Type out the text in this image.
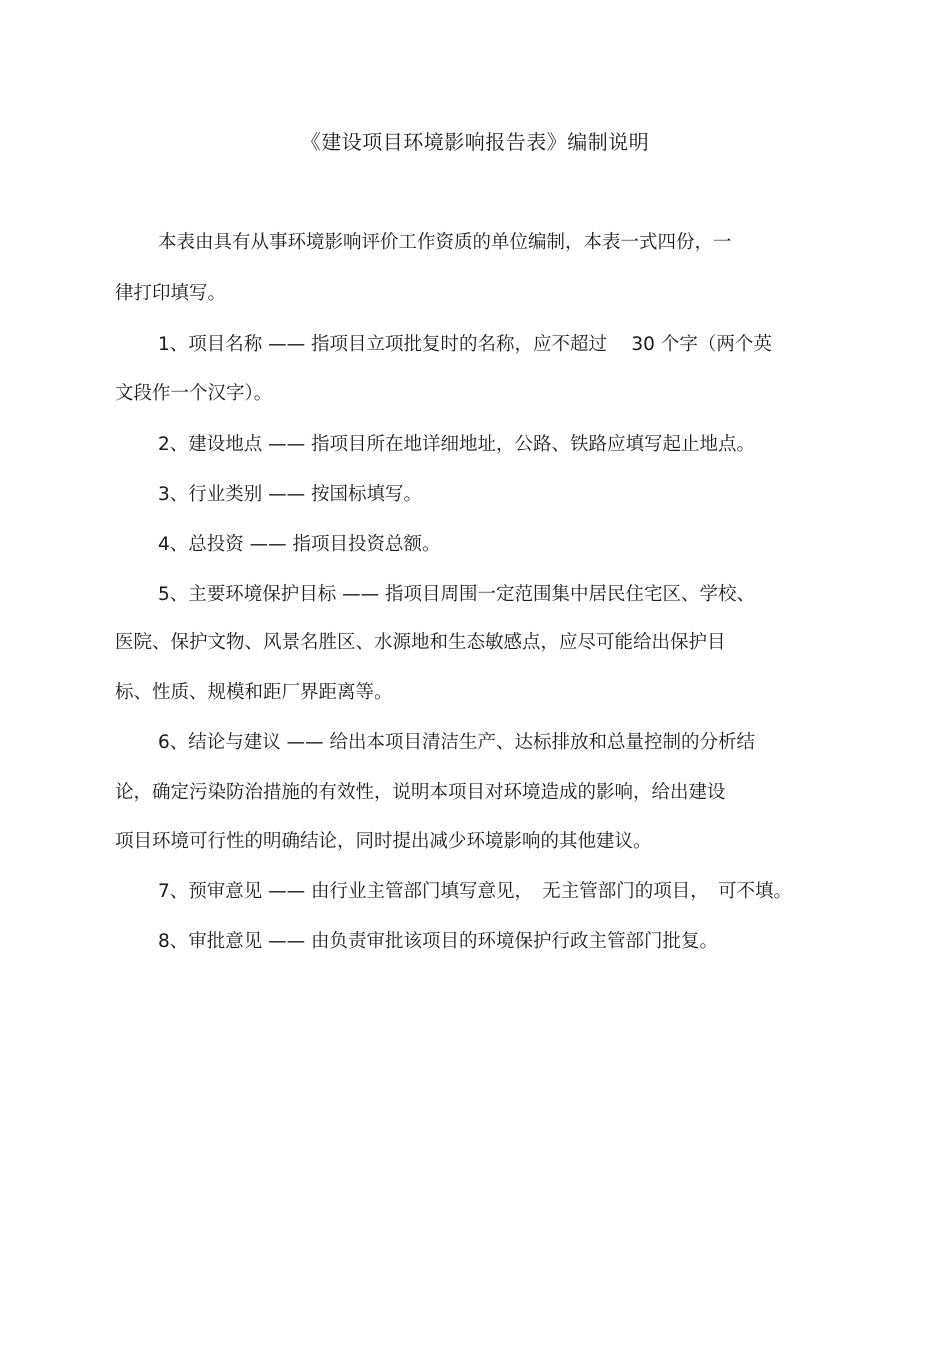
《建设项目环境影响报告表》编制说明
本表由具有从事环境影响评价工作资质的单位编制，本表一式四份，一
律打印填写。
1、项目名称 —— 指项目立项批复时的名称，应不超过　 30 个字（两个英
文段作一个汉字）。
2、建设地点 —— 指项目所在地详细地址，公路、铁路应填写起止地点。
3、行业类别 —— 按国标填写。
4、总投资 —— 指项目投资总额。
5、主要环境保护目标 —— 指项目周围一定范围集中居民住宅区、学校、
医院、保护文物、风景名胜区、水源地和生态敏感点，应尽可能给出保护目
标、性质、规模和距厂界距离等。
6、结论与建议 —— 给出本项目清洁生产、达标排放和总量控制的分析结
论，确定污染防治措施的有效性，说明本项目对环境造成的影响，给出建设
项目环境可行性的明确结论，同时提出减少环境影响的其他建议。
7、预审意见 —— 由行业主管部门填写意见，　无主管部门的项目，　可不填。
8、审批意见 —— 由负责审批该项目的环境保护行政主管部门批复。
